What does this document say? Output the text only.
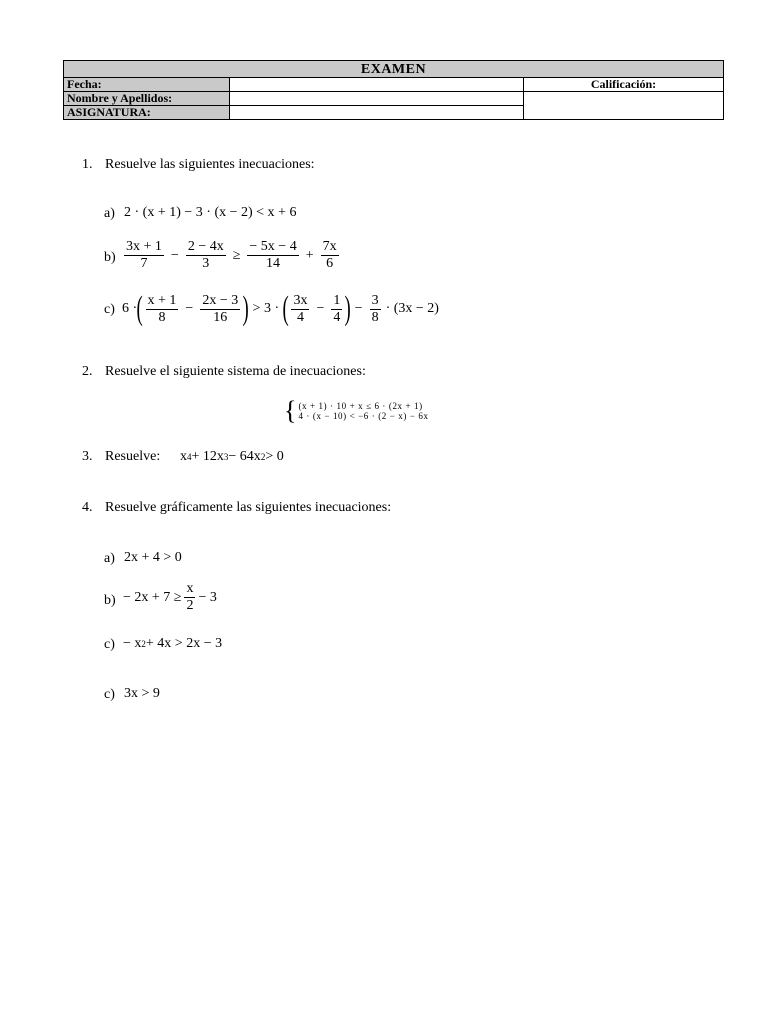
EXAMEN		
Fecha:		Calificación:
Nombre y Apellidos:		
ASIGNATURA:		
1. Resuelve las siguientes inecuaciones:
a) 2 · (x + 1) − 3 · (x − 2) < x + 6
$b) \frac{3x + 1}{7} - \frac{2 - 4x}{3} \ge \frac{- 5x - 4}{14} + \frac{7x}{6}$
c) 6 · ( $\frac{x + 1}{8} - \frac{2x - 3}{16}$ ) > 3 · ( $\frac{3x}{4} - \frac{1}{4}$ ) − $\frac{3}{8} \cdot (3x - 2)$
2. Resuelve el siguiente sistema de inecuaciones:
{ (x + 1) · 10 + x ≤ 6 · (2x + 1)
4 · (x − 10) < −6 · (2 − x) − 6x
3. Resuelve: x 4 + 12x 3 − 64x 2 > 0
4. Resuelve gráficamente las siguientes inecuaciones:
a) 2x + 4 > 0
$b) - 2x + 7 \ge \frac{x}{2} - 3$
c) − x 2 + 4x > 2x − 3
c) 3x > 9
